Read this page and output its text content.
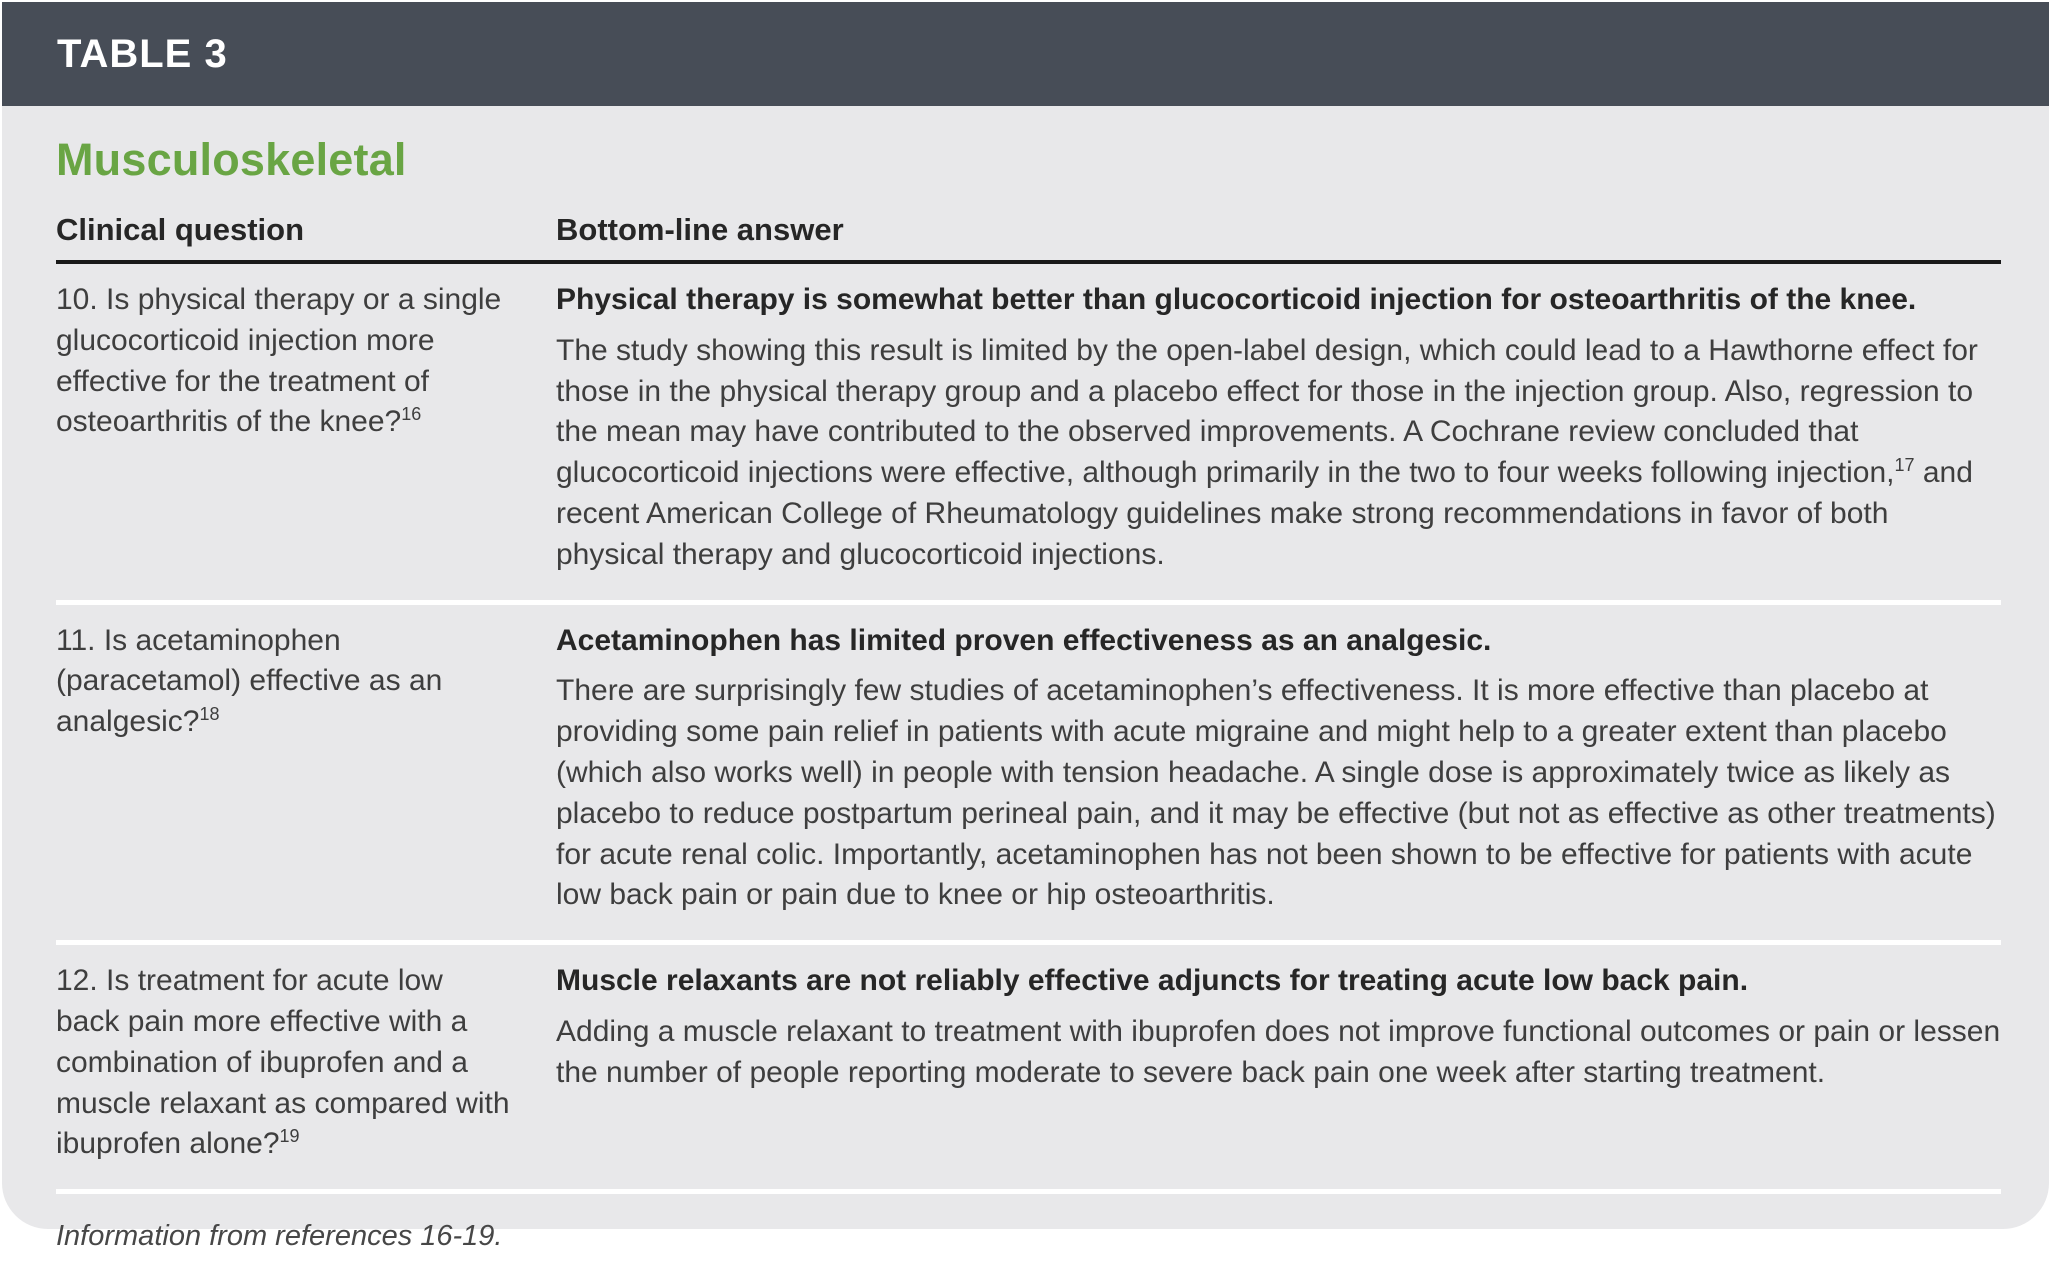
TABLE 3
Musculoskeletal
Clinical question	Bottom-line answer
10. Is physical therapy or a single glucocorticoid injection more effective for the treatment of osteoarthritis of the knee?$^{16}$

Physical therapy is somewhat better than glucocorticoid injection for osteoarthritis of the knee.

The study showing this result is limited by the open-label design, which could lead to a Hawthorne effect for those in the physical therapy group and a placebo effect for those in the injection group. Also, regression to the mean may have contributed to the observed improvements. A Cochrane review concluded that glucocorticoid injections were effective, although primarily in the two to four weeks following injection,$^{17}$ and recent American College of Rheumatology guidelines make strong recommendations in favor of both physical therapy and glucocorticoid injections.

11. Is acetaminophen (paracetamol) effective as an analgesic?$^{18}$

Acetaminophen has limited proven effectiveness as an analgesic.

There are surprisingly few studies of acetaminophen’s effectiveness. It is more effective than placebo at providing some pain relief in patients with acute migraine and might help to a greater extent than placebo (which also works well) in people with tension headache. A single dose is approximately twice as likely as placebo to reduce postpartum perineal pain, and it may be effective (but not as effective as other treatments) for acute renal colic. Importantly, acetaminophen has not been shown to be effective for patients with acute low back pain or pain due to knee or hip osteoarthritis.

12. Is treatment for acute low back pain more effective with a combination of ibuprofen and a muscle relaxant as compared with ibuprofen alone?$^{19}$

Muscle relaxants are not reliably effective adjuncts for treating acute low back pain.

Adding a muscle relaxant to treatment with ibuprofen does not improve functional outcomes or pain or lessen the number of people reporting moderate to severe back pain one week after starting treatment.

Information from references 16-19.
